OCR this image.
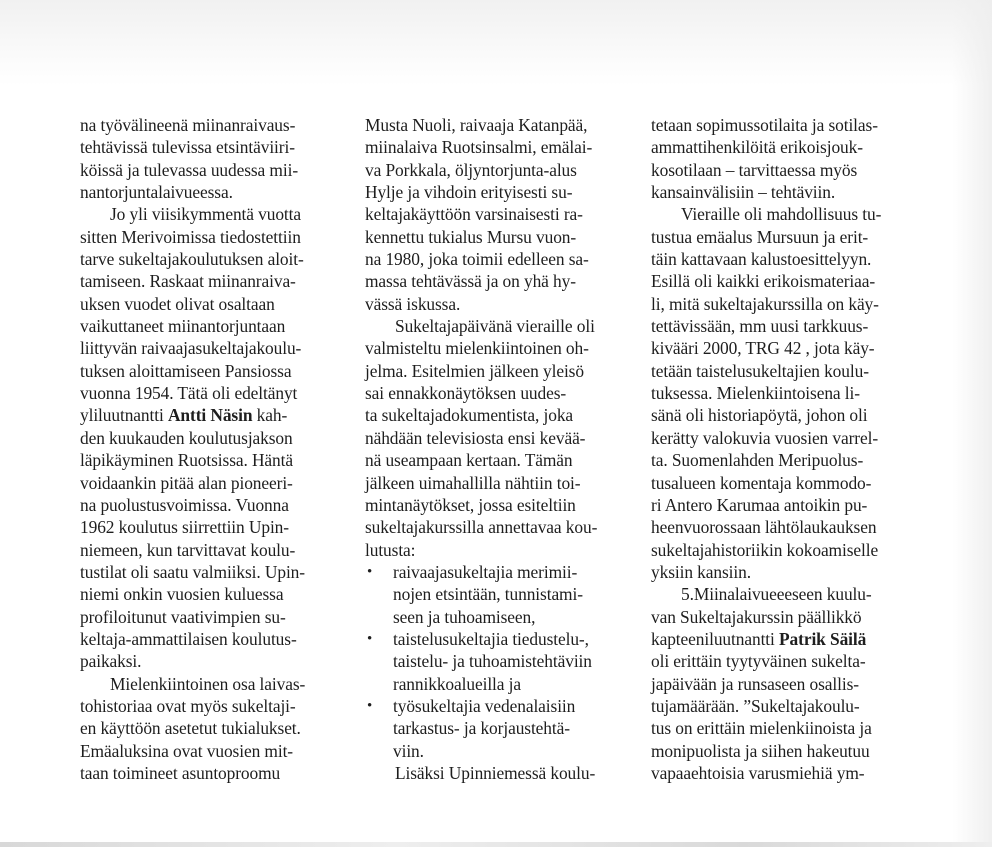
na työvälineenä miinanraivaus-
tehtävissä tulevissa etsintäviiri-
köissä ja tulevassa uudessa mii-
nantorjuntalaivueessa.
Jo yli viisikymmentä vuotta
sitten Merivoimissa tiedostettiin
tarve sukeltajakoulutuksen aloit-
tamiseen. Raskaat miinanraiva-
uksen vuodet olivat osaltaan
vaikuttaneet miinantorjuntaan
liittyvän raivaajasukeltajakoulu-
tuksen aloittamiseen Pansiossa
vuonna 1954. Tätä oli edeltänyt
yliluutnantti Antti Näsin kah-
den kuukauden koulutusjakson
läpikäyminen Ruotsissa. Häntä
voidaankin pitää alan pioneeri-
na puolustusvoimissa. Vuonna
1962 koulutus siirrettiin Upin-
niemeen, kun tarvittavat koulu-
tustilat oli saatu valmiiksi. Upin-
niemi onkin vuosien kuluessa
profiloitunut vaativimpien su-
keltaja-ammattilaisen koulutus-
paikaksi.
Mielenkiintoinen osa laivas-
tohistoriaa ovat myös sukeltaji-
en käyttöön asetetut tukialukset.
Emäaluksina ovat vuosien mit-
taan toimineet asuntoproomu
Musta Nuoli, raivaaja Katanpää,
miinalaiva Ruotsinsalmi, emälai-
va Porkkala, öljyntorjunta-alus
Hylje ja vihdoin erityisesti su-
keltajakäyttöön varsinaisesti ra-
kennettu tukialus Mursu vuon-
na 1980, joka toimii edelleen sa-
massa tehtävässä ja on yhä hy-
vässä iskussa.
Sukeltajapäivänä vieraille oli
valmisteltu mielenkiintoinen oh-
jelma. Esitelmien jälkeen yleisö
sai ennakkonäytöksen uudes-
ta sukeltajadokumentista, joka
nähdään televisiosta ensi kevää-
nä useampaan kertaan. Tämän
jälkeen uimahallilla nähtiin toi-
mintanäytökset, jossa esiteltiin
sukeltajakurssilla annettavaa kou-
lutusta:
• raivaajasukeltajia merimii-
nojen etsintään, tunnistami-
seen ja tuhoamiseen,
• taistelusukeltajia tiedustelu-,
taistelu- ja tuhoamistehtäviin
rannikkoalueilla ja
• työsukeltajia vedenalaisiin
tarkastus- ja korjaustehtä-
viin.
Lisäksi Upinniemessä koulu-
tetaan sopimussotilaita ja sotilas-
ammattihenkilöitä erikoisjouk-
kosotilaan – tarvittaessa myös
kansainvälisiin – tehtäviin.
Vieraille oli mahdollisuus tu-
tustua emäalus Mursuun ja erit-
täin kattavaan kalustoesittelyyn.
Esillä oli kaikki erikoismateriaa-
li, mitä sukeltajakurssilla on käy-
tettävissään, mm uusi tarkkuus-
kivääri 2000, TRG 42 , jota käy-
tetään taistelusukeltajien koulu-
tuksessa. Mielenkiintoisena li-
sänä oli historiapöytä, johon oli
kerätty valokuvia vuosien varrel-
ta. Suomenlahden Meripuolus-
tusalueen komentaja kommodo-
ri Antero Karumaa antoikin pu-
heenvuorossaan lähtölaukauksen
sukeltajahistoriikin kokoamiselle
yksiin kansiin.
5.Miinalaivueeeseen kuulu-
van Sukeltajakurssin päällikkö
kapteeniluutnantti Patrik Säilä
oli erittäin tyytyväinen sukelta-
japäivään ja runsaseen osallis-
tujamäärään. ”Sukeltajakoulu-
tus on erittäin mielenkiinoista ja
monipuolista ja siihen hakeutuu
vapaaehtoisia varusmiehiä ym-
